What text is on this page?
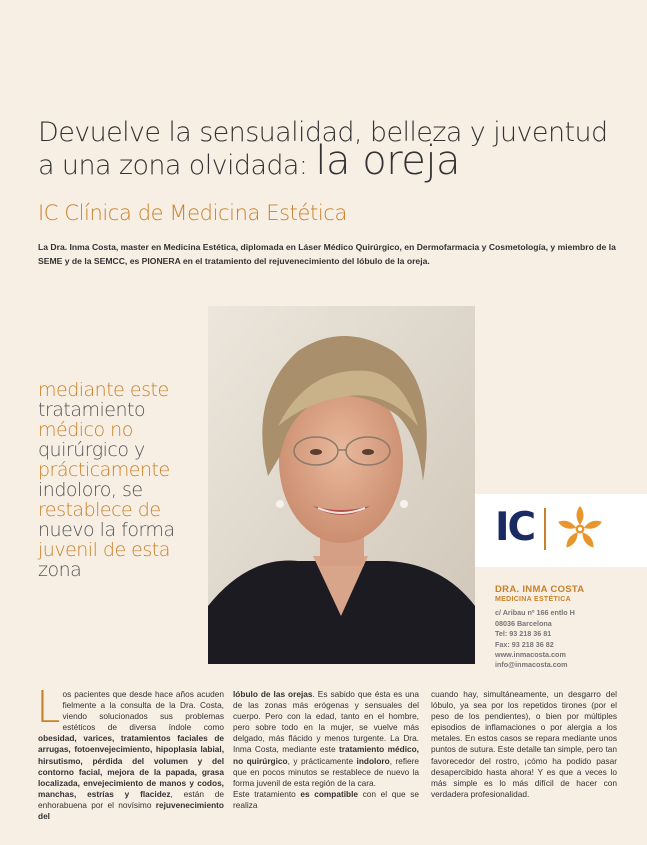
Devuelve la sensualidad, belleza y juventud
a una zona olvidada: la oreja
IC Clínica de Medicina Estética
La Dra. Inma Costa, master en Medicina Estética, diplomada en Láser Médico Quirúrgico, en Dermofarmacia y Cosmetología, y miembro de la SEME y de la SEMCC, es PIONERA en el tratamiento del rejuvenecimiento del lóbulo de la oreja.
mediante este
tratamiento
médico no
quirúrgico y
prácticamente
indoloro, se
restablece de
nuevo la forma
juvenil de esta
zona
IC
DRA. INMA COSTA
MEDICINA ESTÉTICA
c/ Aribau nº 166 entlo H
08036 Barcelona
Tel: 93 218 36 81
Fax: 93 218 36 82
www.inmacosta.com
info@inmacosta.com
Los pacientes que desde hace años acuden fielmente a la consulta de la Dra. Costa, viendo solucionados sus problemas estéticos de diversa índole como obesidad, varices, tratamientos faciales de arrugas, fotoenvejecimiento, hipoplasia labial, hirsutismo, pérdida del volumen y del contorno facial, mejora de la papada, grasa localizada, envejecimiento de manos y codos, manchas, estrías y flacidez, están de enhorabuena por el novísimo rejuvenecimiento del
lóbulo de las orejas. Es sabido que ésta es una de las zonas más erógenas y sensuales del cuerpo. Pero con la edad, tanto en el hombre, pero sobre todo en la mujer, se vuelve más delgado, más flácido y menos turgente. La Dra. Inma Costa, mediante este tratamiento médico, no quirúrgico, y prácticamente indoloro, refiere que en pocos minutos se restablece de nuevo la forma juvenil de esta región de la cara.
Este tratamiento es compatible con el que se realiza
cuando hay, simultáneamente, un desgarro del lóbulo, ya sea por los repetidos tirones (por el peso de los pendientes), o bien por múltiples episodios de inflamaciones o por alergia a los metales. En estos casos se repara mediante unos puntos de sutura. Este detalle tan simple, pero tan favorecedor del rostro, ¡cómo ha podido pasar desapercibido hasta ahora! Y es que a veces lo más simple es lo más difícil de hacer con verdadera profesionalidad.
